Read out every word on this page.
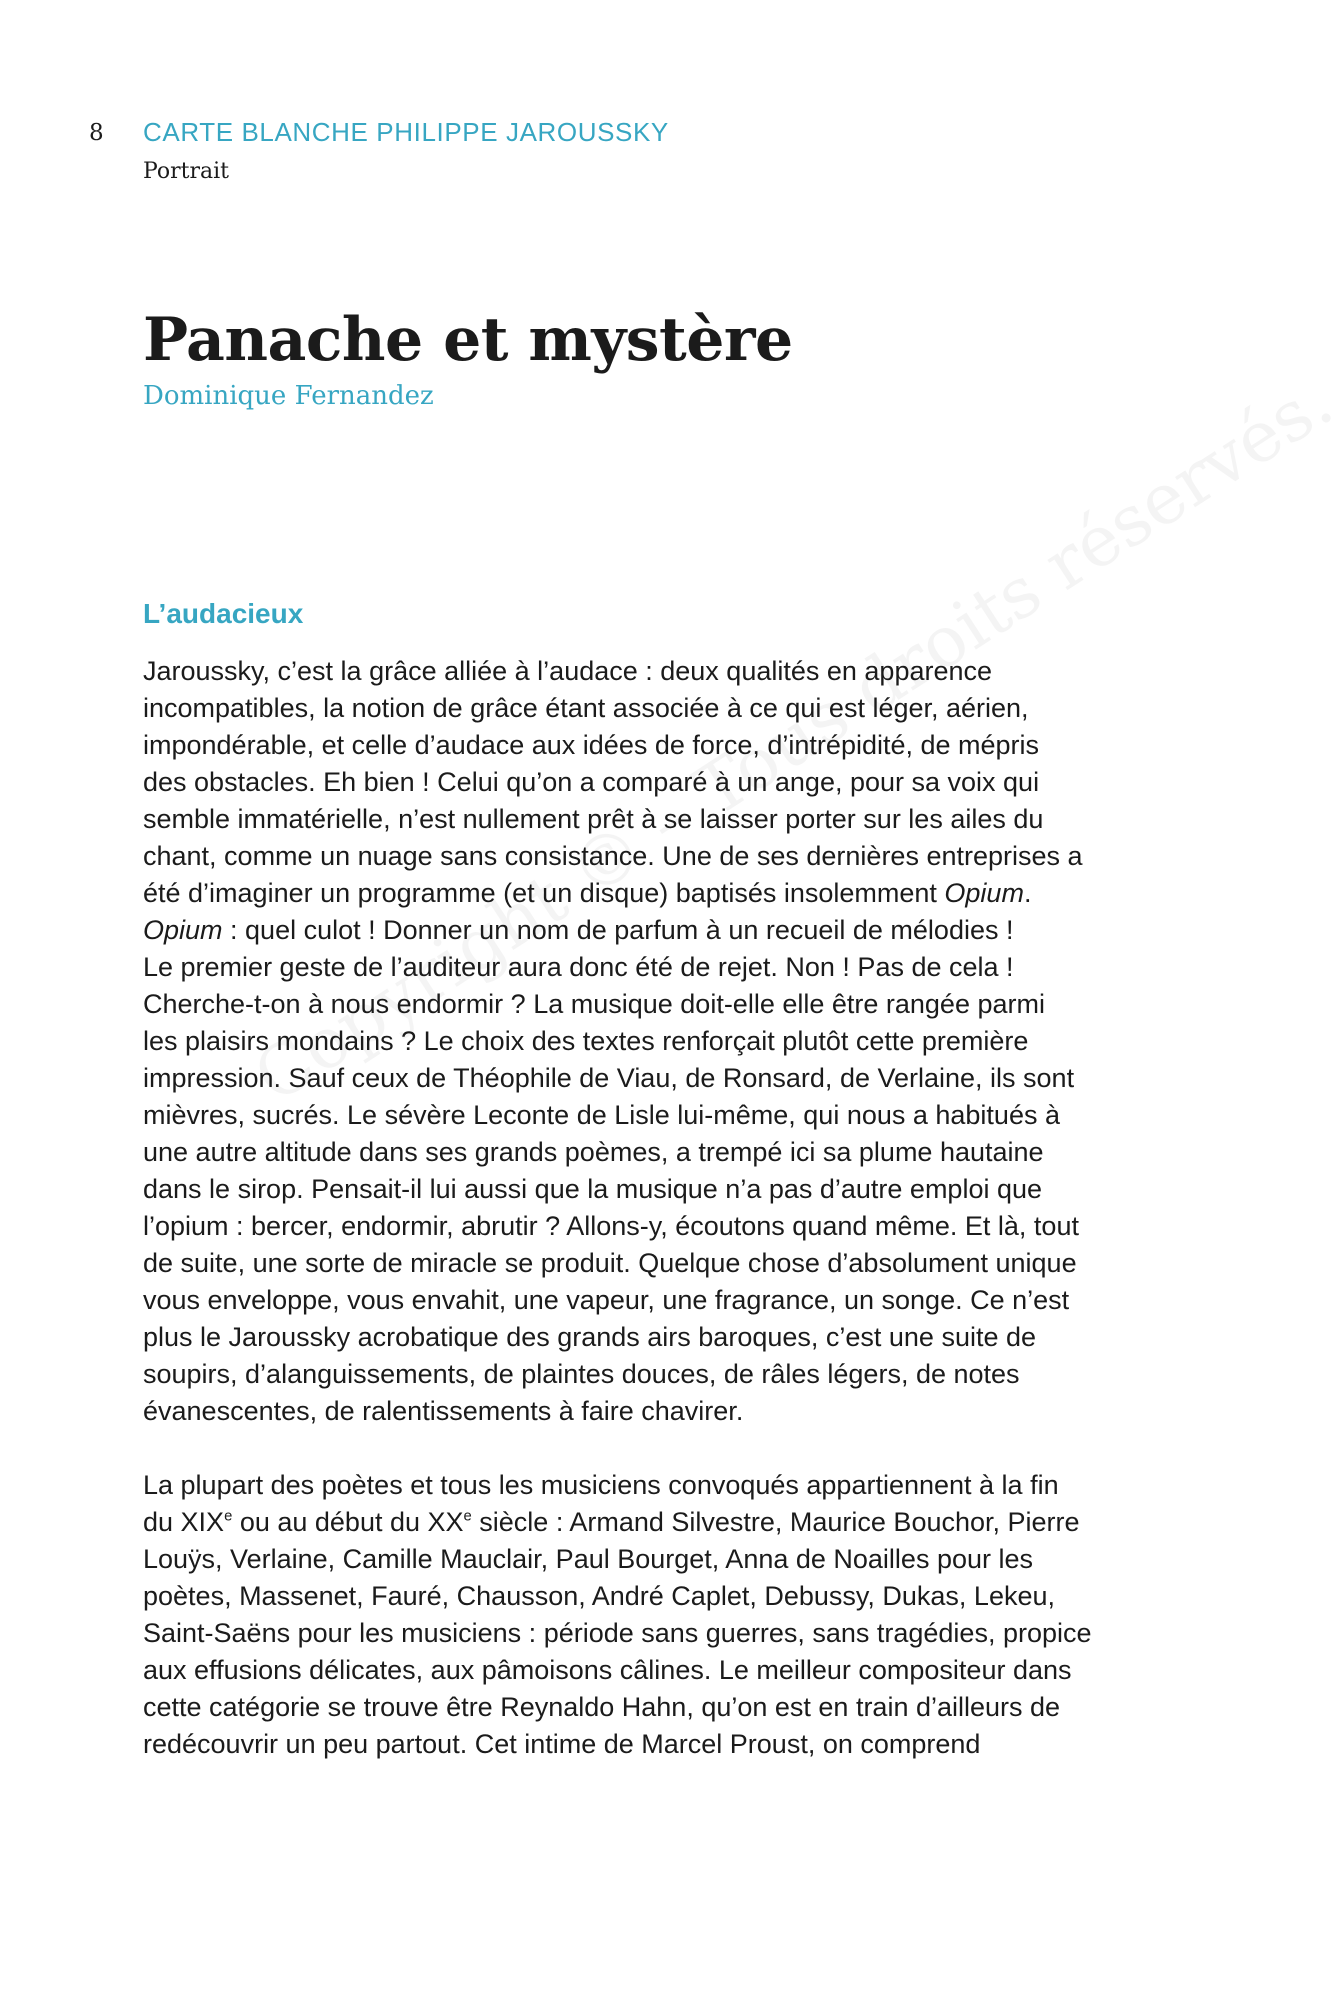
8 CARTE BLANCHE PHILIPPE JAROUSSKY
Portrait
Panache et mystère
Dominique Fernandez
L’audacieux
Jaroussky, c’est la grâce alliée à l’audace : deux qualités en apparence
incompatibles, la notion de grâce étant associée à ce qui est léger, aérien,
impondérable, et celle d’audace aux idées de force, d’intrépidité, de mépris
des obstacles. Eh bien ! Celui qu’on a comparé à un ange, pour sa voix qui
semble immatérielle, n’est nullement prêt à se laisser porter sur les ailes du
chant, comme un nuage sans consistance. Une de ses dernières entreprises a
été d’imaginer un programme (et un disque) baptisés insolemment Opium.
Opium : quel culot ! Donner un nom de parfum à un recueil de mélodies !
Le premier geste de l’auditeur aura donc été de rejet. Non ! Pas de cela !
Cherche-t-on à nous endormir ? La musique doit-elle elle être rangée parmi
les plaisirs mondains ? Le choix des textes renforçait plutôt cette première
impression. Sauf ceux de Théophile de Viau, de Ronsard, de Verlaine, ils sont
mièvres, sucrés. Le sévère Leconte de Lisle lui-même, qui nous a habitués à
une autre altitude dans ses grands poèmes, a trempé ici sa plume hautaine
dans le sirop. Pensait-il lui aussi que la musique n’a pas d’autre emploi que
l’opium : bercer, endormir, abrutir ? Allons-y, écoutons quand même. Et là, tout
de suite, une sorte de miracle se produit. Quelque chose d’absolument unique
vous enveloppe, vous envahit, une vapeur, une fragrance, un songe. Ce n’est
plus le Jaroussky acrobatique des grands airs baroques, c’est une suite de
soupirs, d’alanguissements, de plaintes douces, de râles légers, de notes
évanescentes, de ralentissements à faire chavirer.
La plupart des poètes et tous les musiciens convoqués appartiennent à la fin
du XIXe ou au début du XXe siècle : Armand Silvestre, Maurice Bouchor, Pierre
Louÿs, Verlaine, Camille Mauclair, Paul Bourget, Anna de Noailles pour les
poètes, Massenet, Fauré, Chausson, André Caplet, Debussy, Dukas, Lekeu,
Saint-Saëns pour les musiciens : période sans guerres, sans tragédies, propice
aux effusions délicates, aux pâmoisons câlines. Le meilleur compositeur dans
cette catégorie se trouve être Reynaldo Hahn, qu’on est en train d’ailleurs de
redécouvrir un peu partout. Cet intime de Marcel Proust, on comprend
